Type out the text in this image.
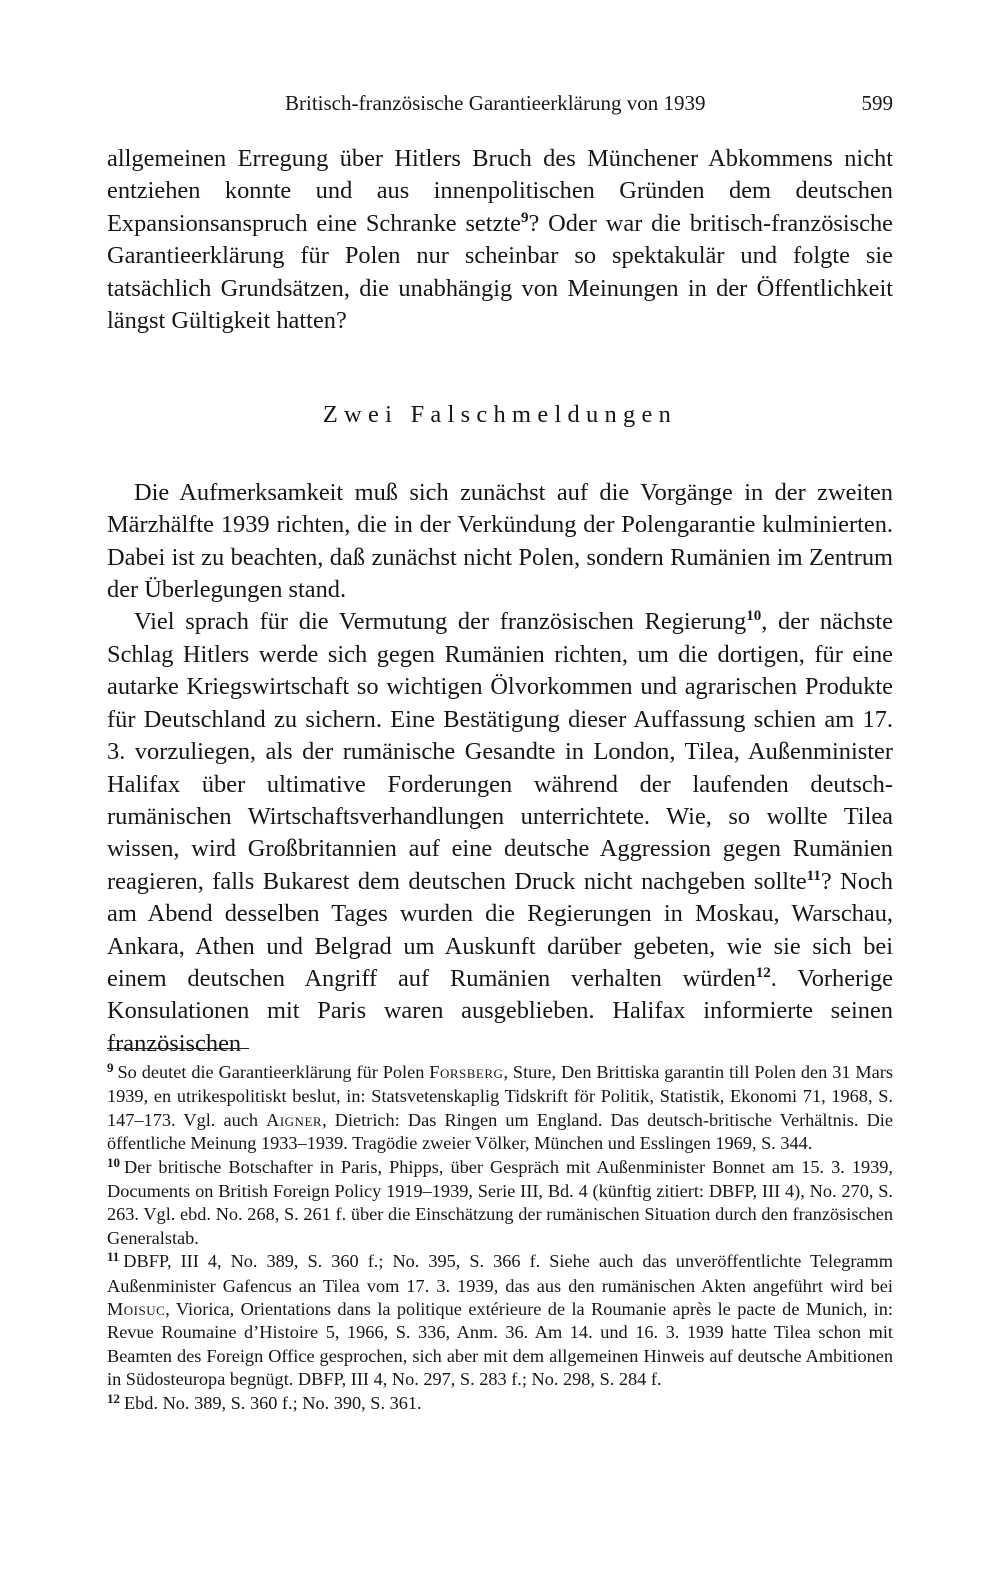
Britisch-französische Garantieerklärung von 1939	599

allgemeinen Erregung über Hitlers Bruch des Münchener Abkommens nicht entziehen konnte und aus innenpolitischen Gründen dem deutschen Expansionsanspruch eine Schranke setzte$^9$? Oder war die britisch-französische Garantieerklärung für Polen nur scheinbar so spektakulär und folgte sie tatsächlich Grundsätzen, die unabhängig von Meinungen in der Öffentlichkeit längst Gültigkeit hatten?

Zwei Falschmeldungen

Die Aufmerksamkeit muß sich zunächst auf die Vorgänge in der zweiten Märzhälfte 1939 richten, die in der Verkündung der Polengarantie kulminierten. Dabei ist zu beachten, daß zunächst nicht Polen, sondern Rumänien im Zentrum der Überlegungen stand.

Viel sprach für die Vermutung der französischen Regierung$^{10}$, der nächste Schlag Hitlers werde sich gegen Rumänien richten, um die dortigen, für eine autarke Kriegswirtschaft so wichtigen Ölvorkommen und agrarischen Produkte für Deutschland zu sichern. Eine Bestätigung dieser Auffassung schien am 17. 3. vorzuliegen, als der rumänische Gesandte in London, Tilea, Außenminister Halifax über ultimative Forderungen während der laufenden deutsch-rumänischen Wirtschaftsverhandlungen unterrichtete. Wie, so wollte Tilea wissen, wird Großbritannien auf eine deutsche Aggression gegen Rumänien reagieren, falls Bukarest dem deutschen Druck nicht nachgeben sollte$^{11}$? Noch am Abend desselben Tages wurden die Regierungen in Moskau, Warschau, Ankara, Athen und Belgrad um Auskunft darüber gebeten, wie sie sich bei einem deutschen Angriff auf Rumänien verhalten würden$^{12}$. Vorherige Konsulationen mit Paris waren ausgeblieben. Halifax informierte seinen französischen

$^9$ So deutet die Garantieerklärung für Polen Forsberg, Sture, Den Brittiska garantin till Polen den 31 Mars 1939, en utrikespolitiskt beslut, in: Statsvetenskaplig Tidskrift för Politik, Statistik, Ekonomi 71, 1968, S. 147–173. Vgl. auch Aigner, Dietrich: Das Ringen um England. Das deutsch-britische Verhältnis. Die öffentliche Meinung 1933–1939. Tragödie zweier Völker, München und Esslingen 1969, S. 344.

$^{10}$ Der britische Botschafter in Paris, Phipps, über Gespräch mit Außenminister Bonnet am 15. 3. 1939, Documents on British Foreign Policy 1919–1939, Serie III, Bd. 4 (künftig zitiert: DBFP, III 4), No. 270, S. 263. Vgl. ebd. No. 268, S. 261 f. über die Einschätzung der rumänischen Situation durch den französischen Generalstab.

$^{11}$ DBFP, III 4, No. 389, S. 360 f.; No. 395, S. 366 f. Siehe auch das unveröffentlichte Telegramm Außenminister Gafencus an Tilea vom 17. 3. 1939, das aus den rumänischen Akten angeführt wird bei Moisuc, Viorica, Orientations dans la politique extérieure de la Roumanie après le pacte de Munich, in: Revue Roumaine d’Histoire 5, 1966, S. 336, Anm. 36. Am 14. und 16. 3. 1939 hatte Tilea schon mit Beamten des Foreign Office gesprochen, sich aber mit dem allgemeinen Hinweis auf deutsche Ambitionen in Südosteuropa begnügt. DBFP, III 4, No. 297, S. 283 f.; No. 298, S. 284 f.

$^{12}$ Ebd. No. 389, S. 360 f.; No. 390, S. 361.
